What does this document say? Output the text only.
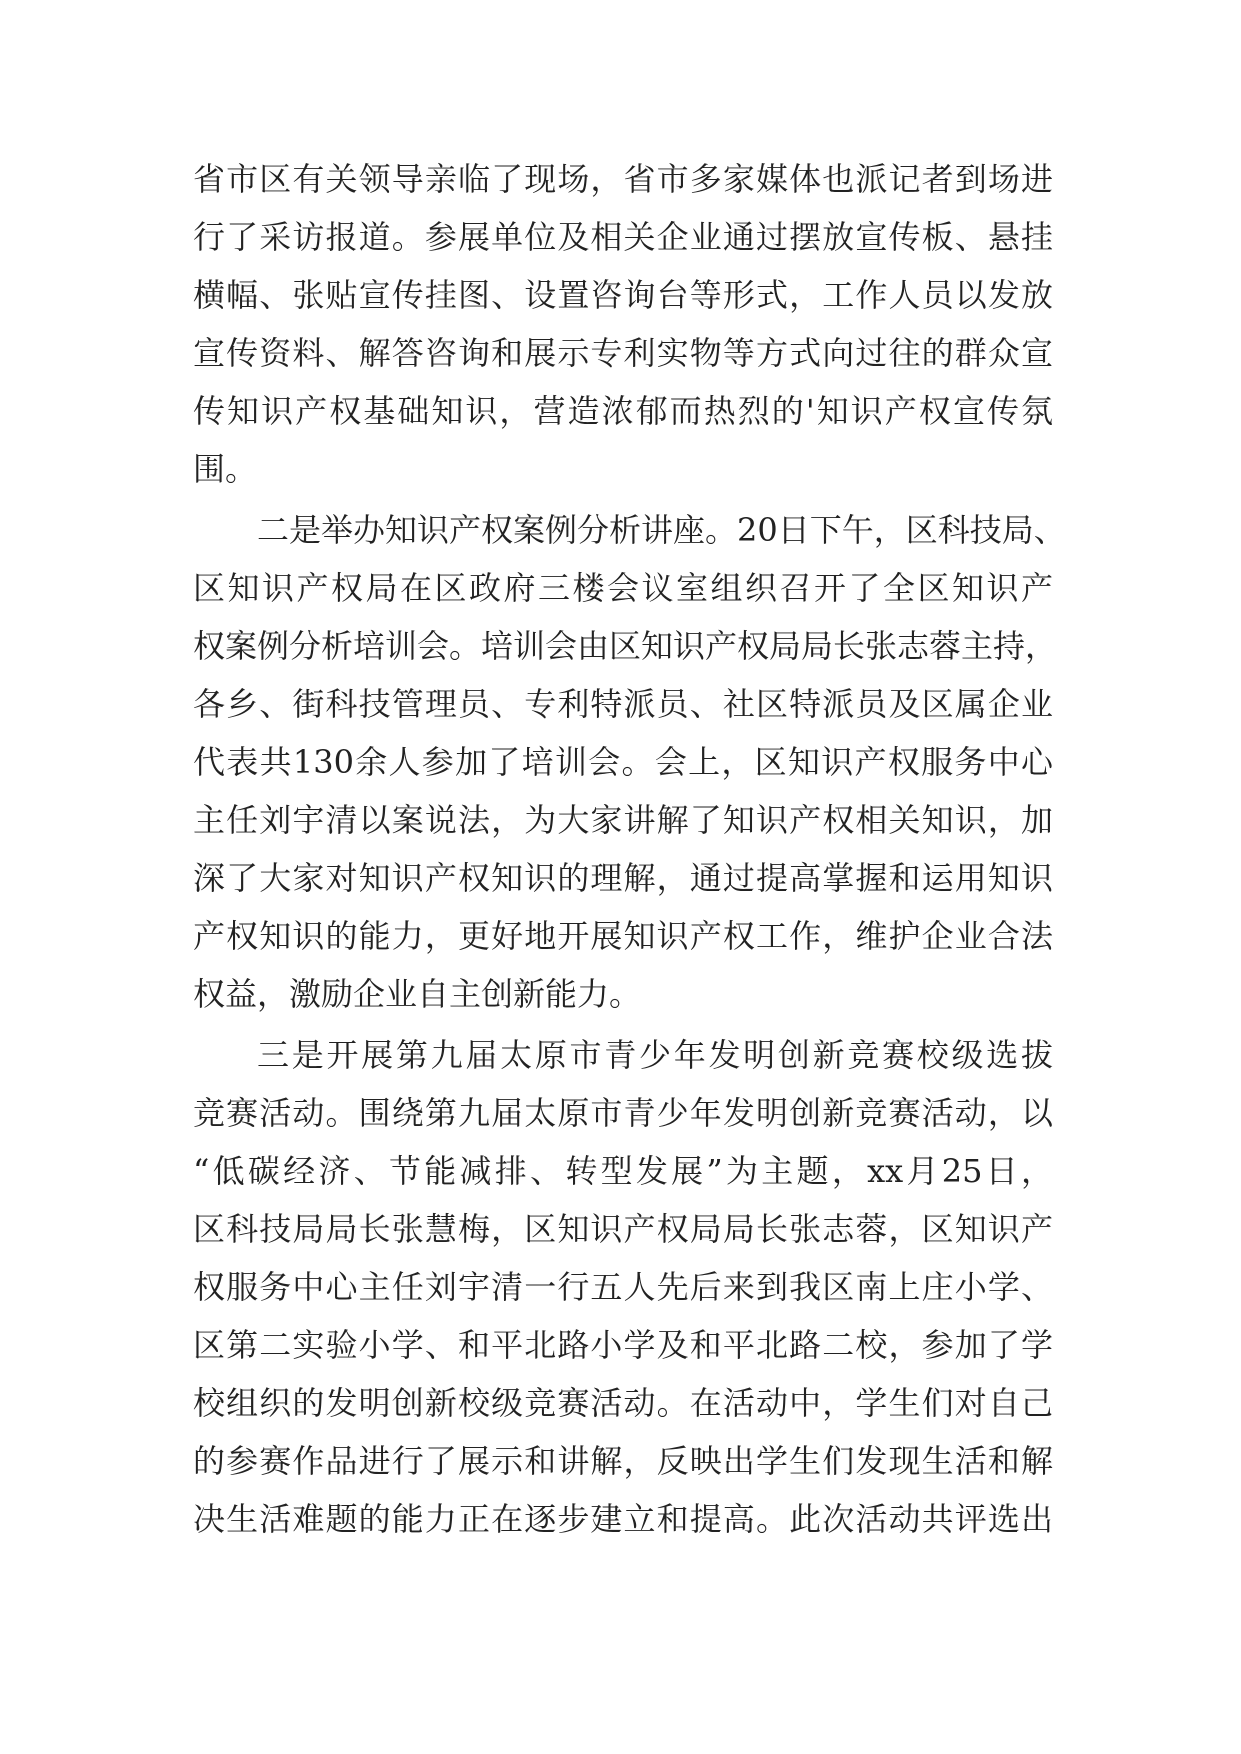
省市区有关领导亲临了现场，省市多家媒体也派记者到场进
行了采访报道。参展单位及相关企业通过摆放宣传板、悬挂
横幅、张贴宣传挂图、设置咨询台等形式，工作人员以发放
宣传资料、解答咨询和展示专利实物等方式向过往的群众宣
传知识产权基础知识，营造浓郁而热烈的'知识产权宣传氛
围。
二是举办知识产权案例分析讲座。20日下午，区科技局、
区知识产权局在区政府三楼会议室组织召开了全区知识产
权案例分析培训会。培训会由区知识产权局局长张志蓉主持，
各乡、街科技管理员、专利特派员、社区特派员及区属企业
代表共130余人参加了培训会。会上，区知识产权服务中心
主任刘宇清以案说法，为大家讲解了知识产权相关知识，加
深了大家对知识产权知识的理解，通过提高掌握和运用知识
产权知识的能力，更好地开展知识产权工作，维护企业合法
权益，激励企业自主创新能力。
三是开展第九届太原市青少年发明创新竞赛校级选拔
竞赛活动。围绕第九届太原市青少年发明创新竞赛活动，以
“低碳经济、节能减排、转型发展”为主题，xx月25日，
区科技局局长张慧梅，区知识产权局局长张志蓉，区知识产
权服务中心主任刘宇清一行五人先后来到我区南上庄小学、
区第二实验小学、和平北路小学及和平北路二校，参加了学
校组织的发明创新校级竞赛活动。在活动中，学生们对自己
的参赛作品进行了展示和讲解，反映出学生们发现生活和解
决生活难题的能力正在逐步建立和提高。此次活动共评选出
